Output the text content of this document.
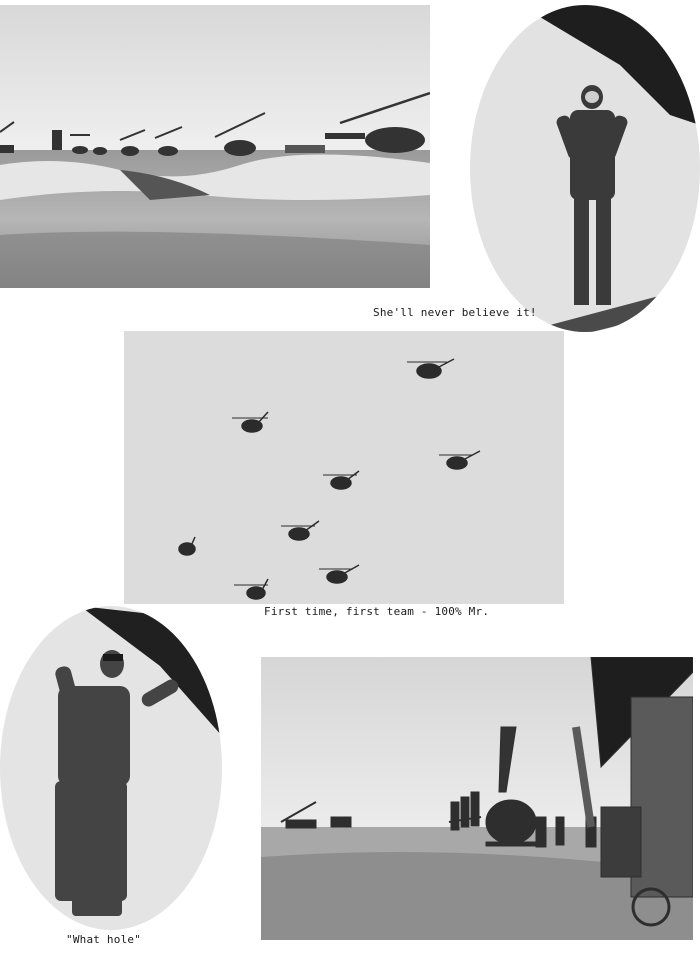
She'll never believe it!
First time, first team - 100% Mr.
"What hole"
